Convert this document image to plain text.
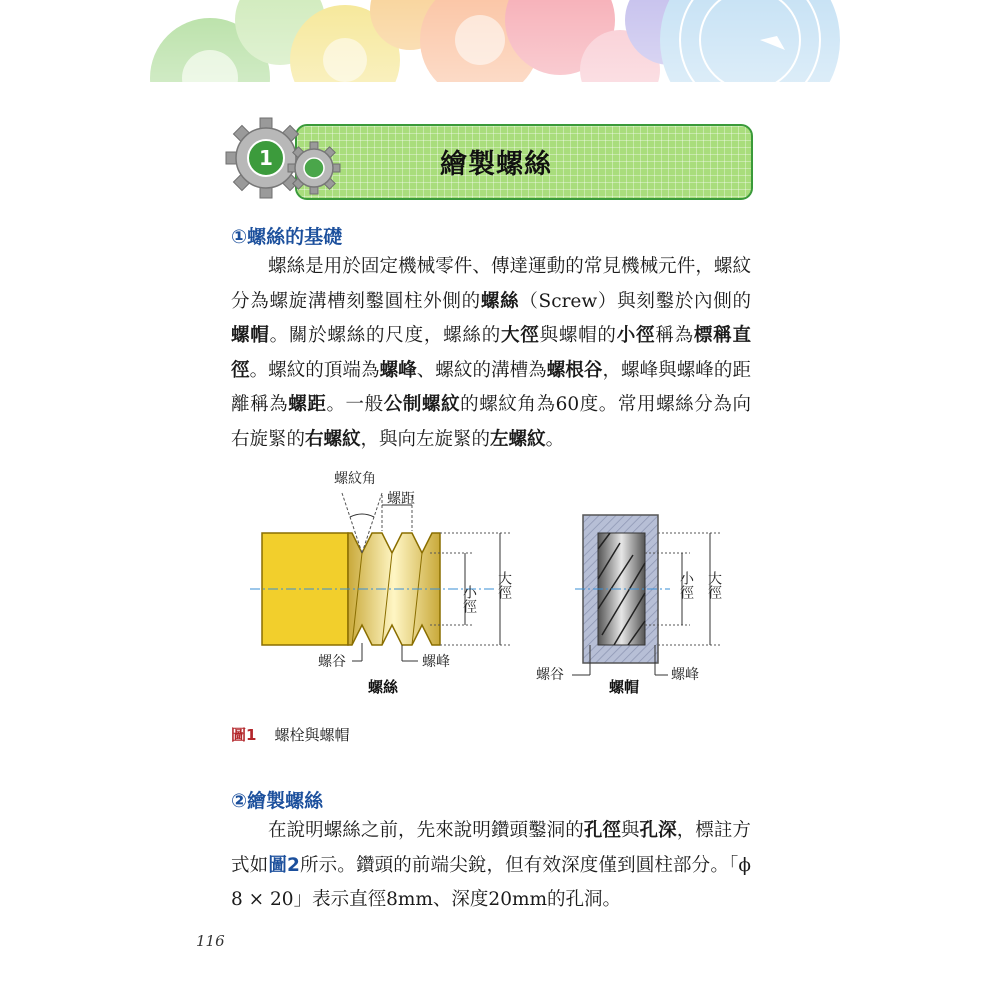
1	繪製螺絲
①螺絲的基礎

螺絲是用於固定機械零件、傳達運動的常見機械元件，螺紋分為螺旋溝槽刻鑿圓柱外側的螺絲（Screw）與刻鑿於內側的螺帽。關於螺絲的尺度，螺絲的大徑與螺帽的小徑稱為標稱直徑。螺紋的頂端為螺峰、螺紋的溝槽為螺根谷，螺峰與螺峰的距離稱為螺距。一般公制螺紋的螺紋角為60度。常用螺絲分為向右旋緊的右螺紋，與向左旋緊的左螺紋。

螺紋角
螺距
小徑 大徑
螺谷	螺峰
螺絲
小徑 大徑
螺谷	螺峰
螺帽
圖1 螺栓與螺帽
②繪製螺絲

在說明螺絲之前，先來說明鑽頭鑿洞的孔徑與孔深，標註方式如圖2所示。鑽頭的前端尖銳，但有效深度僅到圓柱部分。「ϕ 8 × 20」表示直徑8mm、深度20mm的孔洞。

116
